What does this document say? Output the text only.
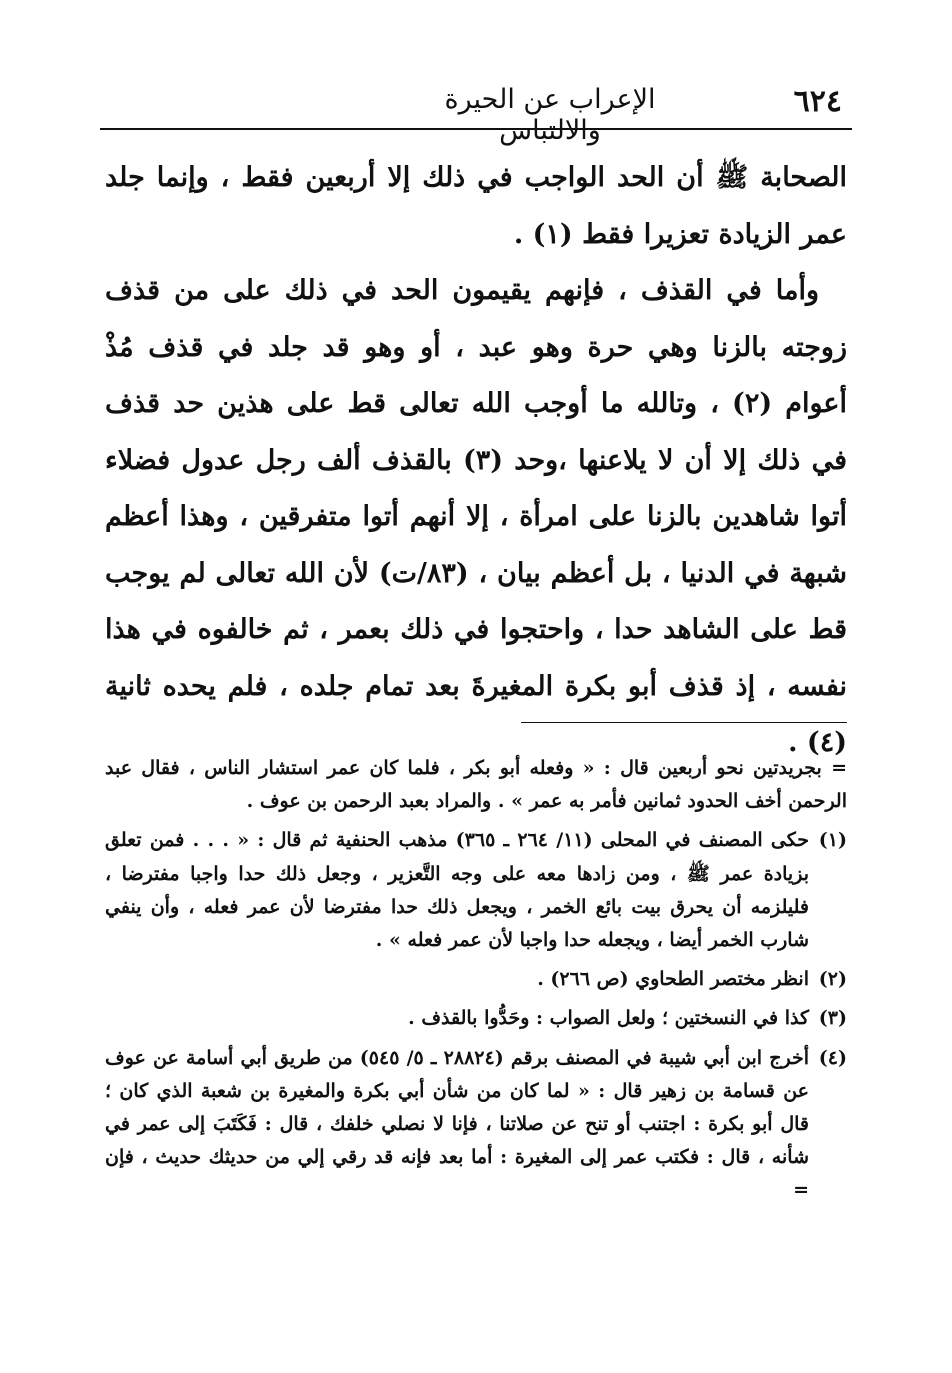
٦٢٤
الإعراب عن الحيرة والالتباس

الصحابة ﷺ أن الحد الواجب في ذلك إلا أربعين فقط ، وإنما جلد عمر الزيادة تعزيرا فقط (١) .

وأما في القذف ، فإنهم يقيمون الحد في ذلك على من قذف زوجته بالزنا وهي حرة وهو عبد ، أو وهو قد جلد في قذف مُذْ أعوام (٢) ، وتالله ما أوجب الله تعالى قط على هذين حد قذف في ذلك إلا أن لا يلاعنها ،وحد (٣) بالقذف ألف رجل عدول فضلاء أتوا شاهدين بالزنا على امرأة ، إلا أنهم أتوا متفرقين ، وهذا أعظم شبهة في الدنيا ، بل أعظم بيان ، (٨٣/ت) لأن الله تعالى لم يوجب قط على الشاهد حدا ، واحتجوا في ذلك بعمر ، ثم خالفوه في هذا نفسه ، إذ قذف أبو بكرة المغيرةَ بعد تمام جلده ، فلم يحده ثانية (٤) .

= بجريدتين نحو أربعين قال : « وفعله أبو بكر ، فلما كان عمر استشار الناس ، فقال عبد الرحمن أخف الحدود ثمانين فأمر به عمر » . والمراد بعبد الرحمن بن عوف .

(١)
حكى المصنف في المحلى (١١/ ٢٦٤ ـ ٣٦٥) مذهب الحنفية ثم قال : « . . . فمن تعلق بزيادة عمر ﷺ ، ومن زادها معه على وجه التَّعزير ، وجعل ذلك حدا واجبا مفترضا ، فليلزمه أن يحرق بيت بائع الخمر ، ويجعل ذلك حدا مفترضا لأن عمر فعله ، وأن ينفي شارب الخمر أيضا ، ويجعله حدا واجبا لأن عمر فعله » .
(٢)
انظر مختصر الطحاوي (ص ٢٦٦) .
(٣)
كذا في النسختين ؛ ولعل الصواب : وحَدُّوا بالقذف .
(٤)
أخرج ابن أبي شيبة في المصنف برقم (٢٨٨٢٤ ـ ٥/ ٥٤٥) من طريق أبي أسامة عن عوف عن قسامة بن زهير قال : « لما كان من شأن أبي بكرة والمغيرة بن شعبة الذي كان ؛ قال أبو بكرة : اجتنب أو تنح عن صلاتنا ، فإنا لا نصلي خلفك ، قال : فَكَتَبَ إلى عمر في شأنه ، قال : فكتب عمر إلى المغيرة : أما بعد فإنه قد رقي إلي من حديثك حديث ، فإن =
